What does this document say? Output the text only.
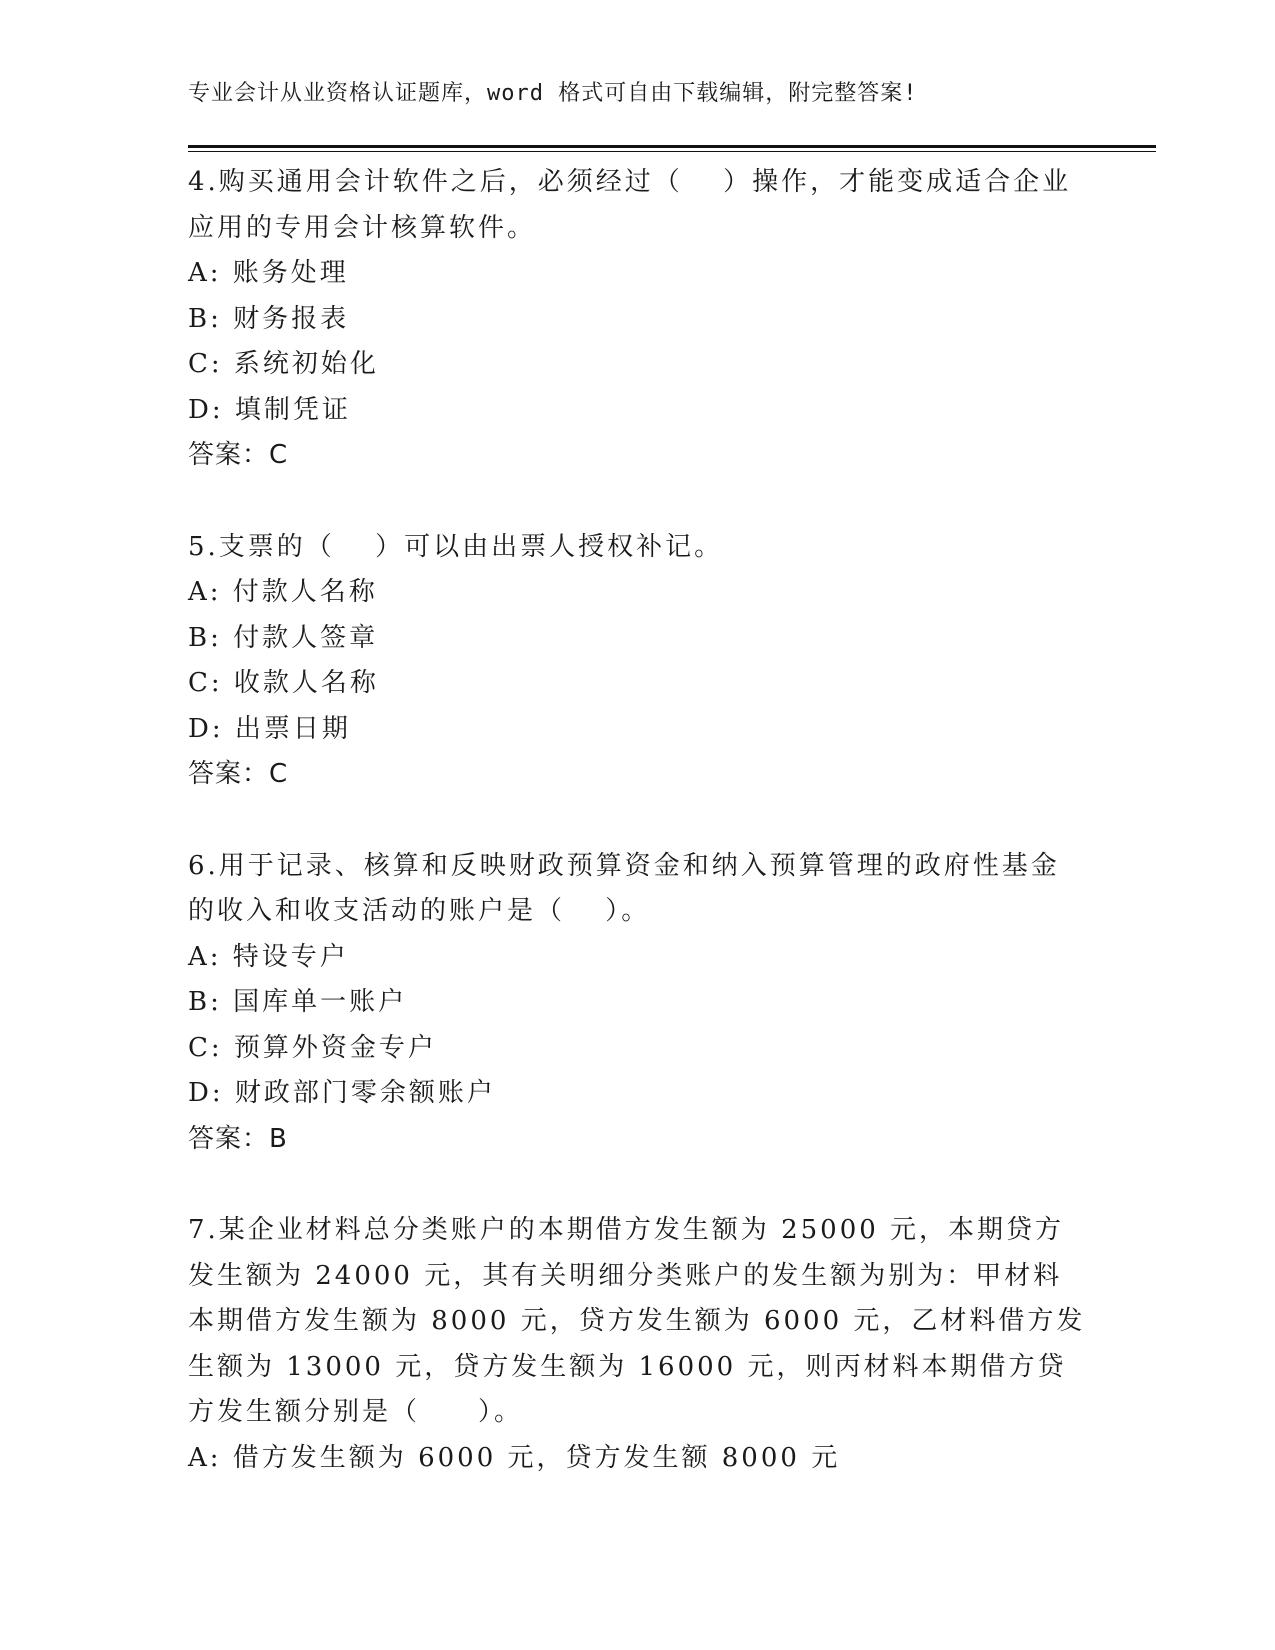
专业会计从业资格认证题库，word 格式可自由下载编辑，附完整答案!

4.购买通用会计软件之后，必须经过（　 ）操作，才能变成适合企业应用的专用会计核算软件。

A: 账务处理

B: 财务报表

C: 系统初始化

D: 填制凭证

答案：C

5.支票的（　 ）可以由出票人授权补记。

A: 付款人名称

B: 付款人签章

C: 收款人名称

D: 出票日期

答案：C

6.用于记录、核算和反映财政预算资金和纳入预算管理的政府性基金的收入和收支活动的账户是（　 ）。

A: 特设专户

B: 国库单一账户

C: 预算外资金专户

D: 财政部门零余额账户

答案：B

7.某企业材料总分类账户的本期借方发生额为 25000 元，本期贷方发生额为 24000 元，其有关明细分类账户的发生额为别为：甲材料本期借方发生额为 8000 元，贷方发生额为 6000 元，乙材料借方发生额为 13000 元，贷方发生额为 16000 元，则丙材料本期借方贷方发生额分别是（　　）。

A: 借方发生额为 6000 元，贷方发生额 8000 元
